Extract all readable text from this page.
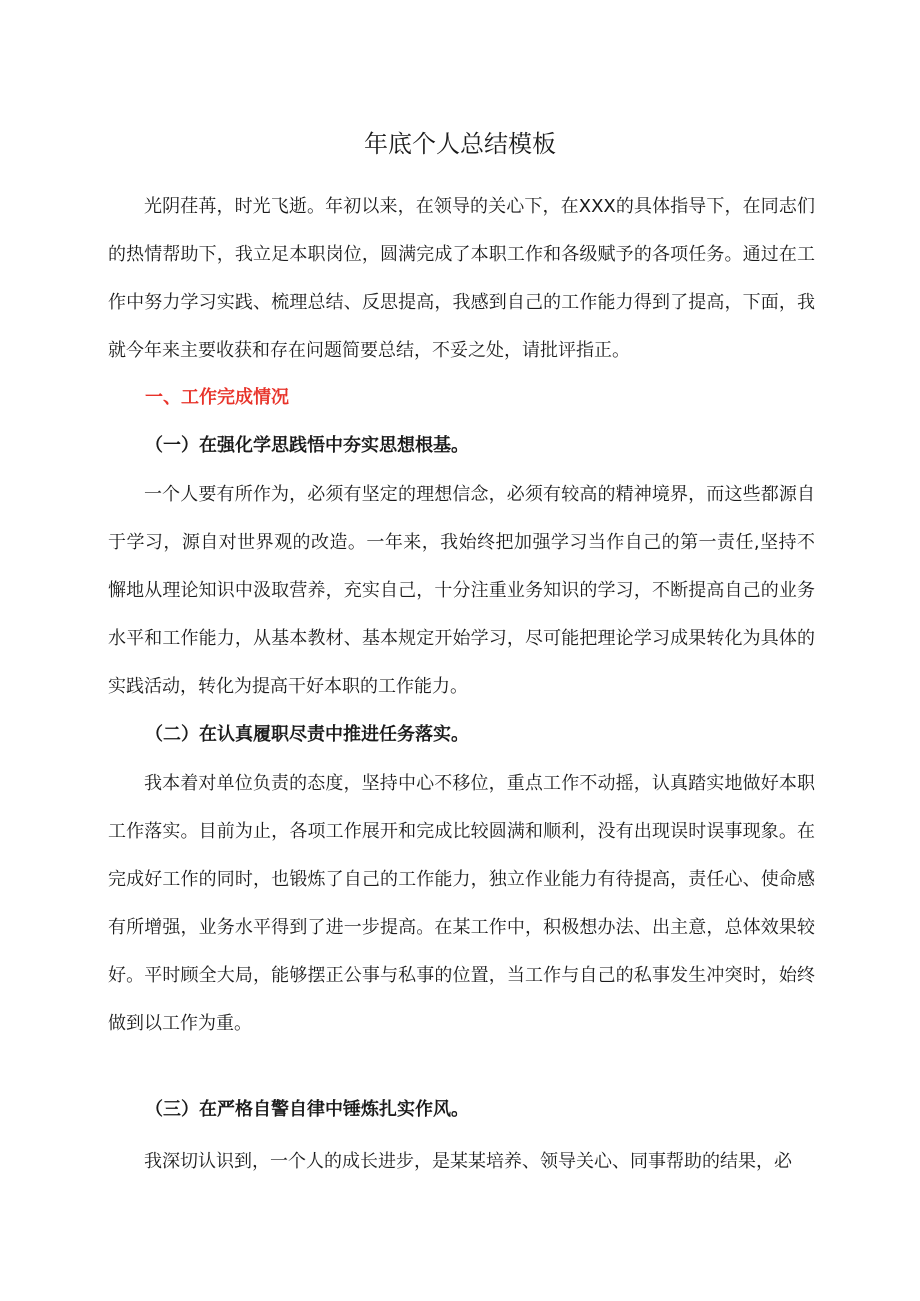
年底个人总结模板

光阴荏苒，时光飞逝。年初以来，在领导的关心下，在XXX的具体指导下，在同志们的热情帮助下，我立足本职岗位，圆满完成了本职工作和各级赋予的各项任务。通过在工作中努力学习实践、梳理总结、反思提高，我感到自己的工作能力得到了提高，下面，我就今年来主要收获和存在问题简要总结，不妥之处，请批评指正。

一、工作完成情况

（一）在强化学思践悟中夯实思想根基。

一个人要有所作为，必须有坚定的理想信念，必须有较高的精神境界，而这些都源自于学习，源自对世界观的改造。一年来，我始终把加强学习当作自己的第一责任,坚持不懈地从理论知识中汲取营养，充实自己，十分注重业务知识的学习，不断提高自己的业务水平和工作能力，从基本教材、基本规定开始学习，尽可能把理论学习成果转化为具体的实践活动，转化为提高干好本职的工作能力。

（二）在认真履职尽责中推进任务落实。

我本着对单位负责的态度，坚持中心不移位，重点工作不动摇，认真踏实地做好本职工作落实。目前为止，各项工作展开和完成比较圆满和顺利，没有出现误时误事现象。在完成好工作的同时，也锻炼了自己的工作能力，独立作业能力有待提高，责任心、使命感有所增强，业务水平得到了进一步提高。在某工作中，积极想办法、出主意，总体效果较好。平时顾全大局，能够摆正公事与私事的位置，当工作与自己的私事发生冲突时，始终做到以工作为重。

（三）在严格自警自律中锤炼扎实作风。

我深切认识到，一个人的成长进步，是某某培养、领导关心、同事帮助的结果，必
